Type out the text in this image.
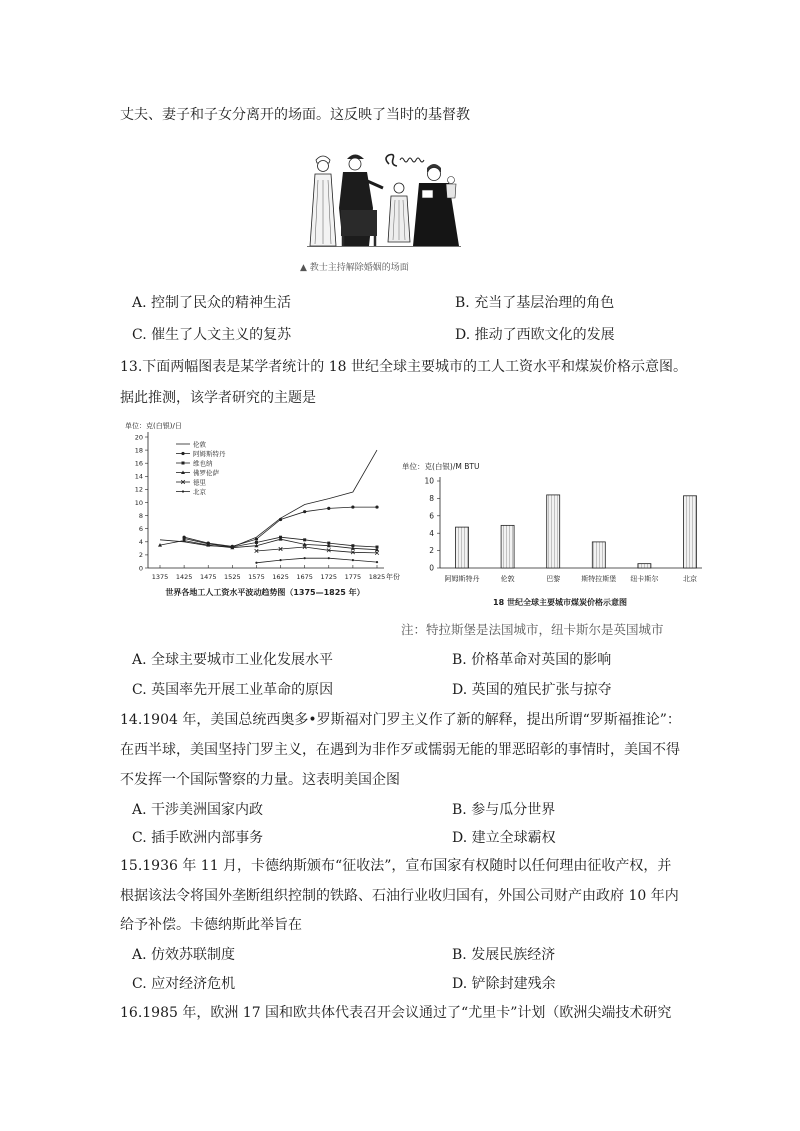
丈夫、妻子和子女分离开的场面。这反映了当时的基督教
▲ 教士主持解除婚姻的场面
A. 控制了民众的精神生活	B. 充当了基层治理的角色
C. 催生了人文主义的复苏	D. 推动了西欧文化的发展
13.下面两幅图表是某学者统计的 18 世纪全球主要城市的工人工资水平和煤炭价格示意图。
据此推测，该学者研究的主题是
单位：克(白银)/日
年份
0
2
4
6
8
10
12
14
16
18
20
1375 1425 1475 1525 1575 1625 1675 1725 1775 1825
伦敦
阿姆斯特丹
维也纳
佛罗伦萨
德里
北京
世界各地工人工资水平波动趋势图（1375—1825 年）
单位：克(白银)/M BTU
0
2
4
6
8
10
阿姆斯特丹	伦敦	巴黎	斯特拉斯堡 纽卡斯尔	北京
18 世纪全球主要城市煤炭价格示意图
注：特拉斯堡是法国城市，纽卡斯尔是英国城市
A. 全球主要城市工业化发展水平	B. 价格革命对英国的影响
C. 英国率先开展工业革命的原因	D. 英国的殖民扩张与掠夺
14.1904 年，美国总统西奥多•罗斯福对门罗主义作了新的解释，提出所谓“罗斯福推论”：
在西半球，美国坚持门罗主义，在遇到为非作歹或懦弱无能的罪恶昭彰的事情时，美国不得
不发挥一个国际警察的力量。这表明美国企图
A. 干涉美洲国家内政	B. 参与瓜分世界
C. 插手欧洲内部事务	D. 建立全球霸权
15.1936 年 11 月，卡德纳斯颁布“征收法”，宣布国家有权随时以任何理由征收产权，并
根据该法令将国外垄断组织控制的铁路、石油行业收归国有，外国公司财产由政府 10 年内
给予补偿。卡德纳斯此举旨在
A. 仿效苏联制度	B. 发展民族经济
C. 应对经济危机	D. 铲除封建残余
16.1985 年，欧洲 17 国和欧共体代表召开会议通过了“尤里卡”计划（欧洲尖端技术研究
